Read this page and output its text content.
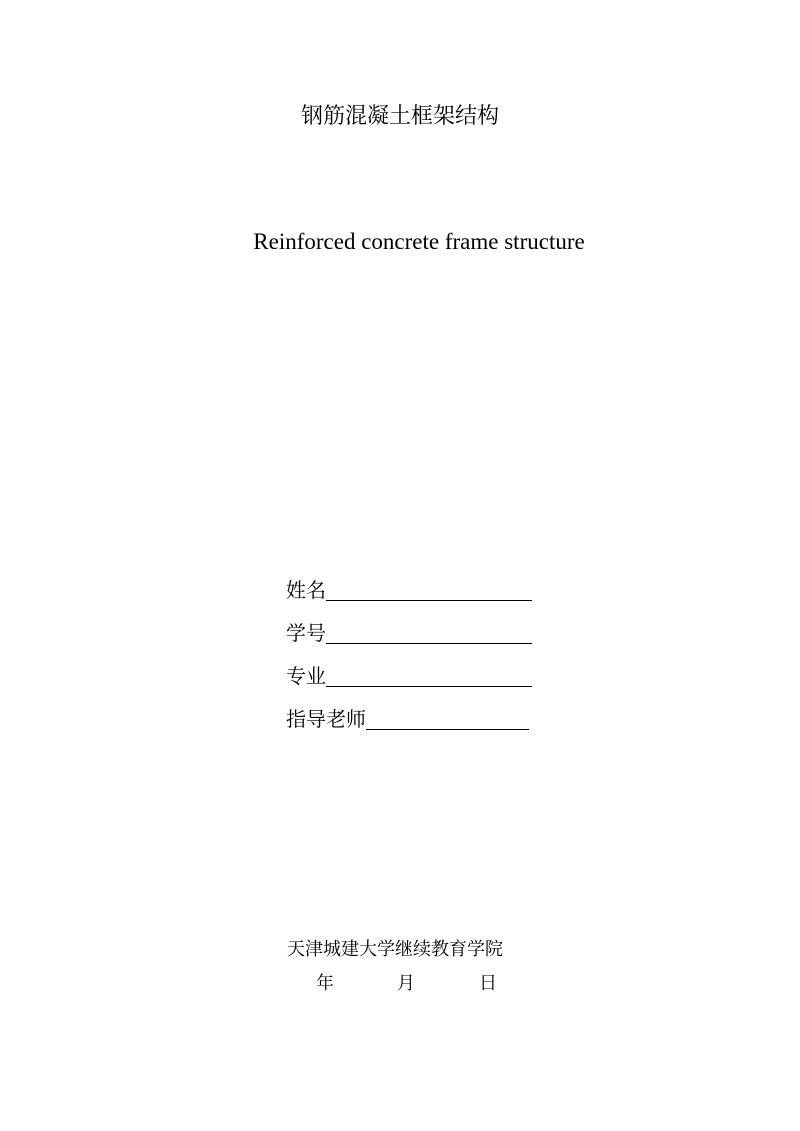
钢筋混凝土框架结构
Reinforced concrete frame structure
姓名
学号
专业
指导老师
天津城建大学继续教育学院
年	月	日
